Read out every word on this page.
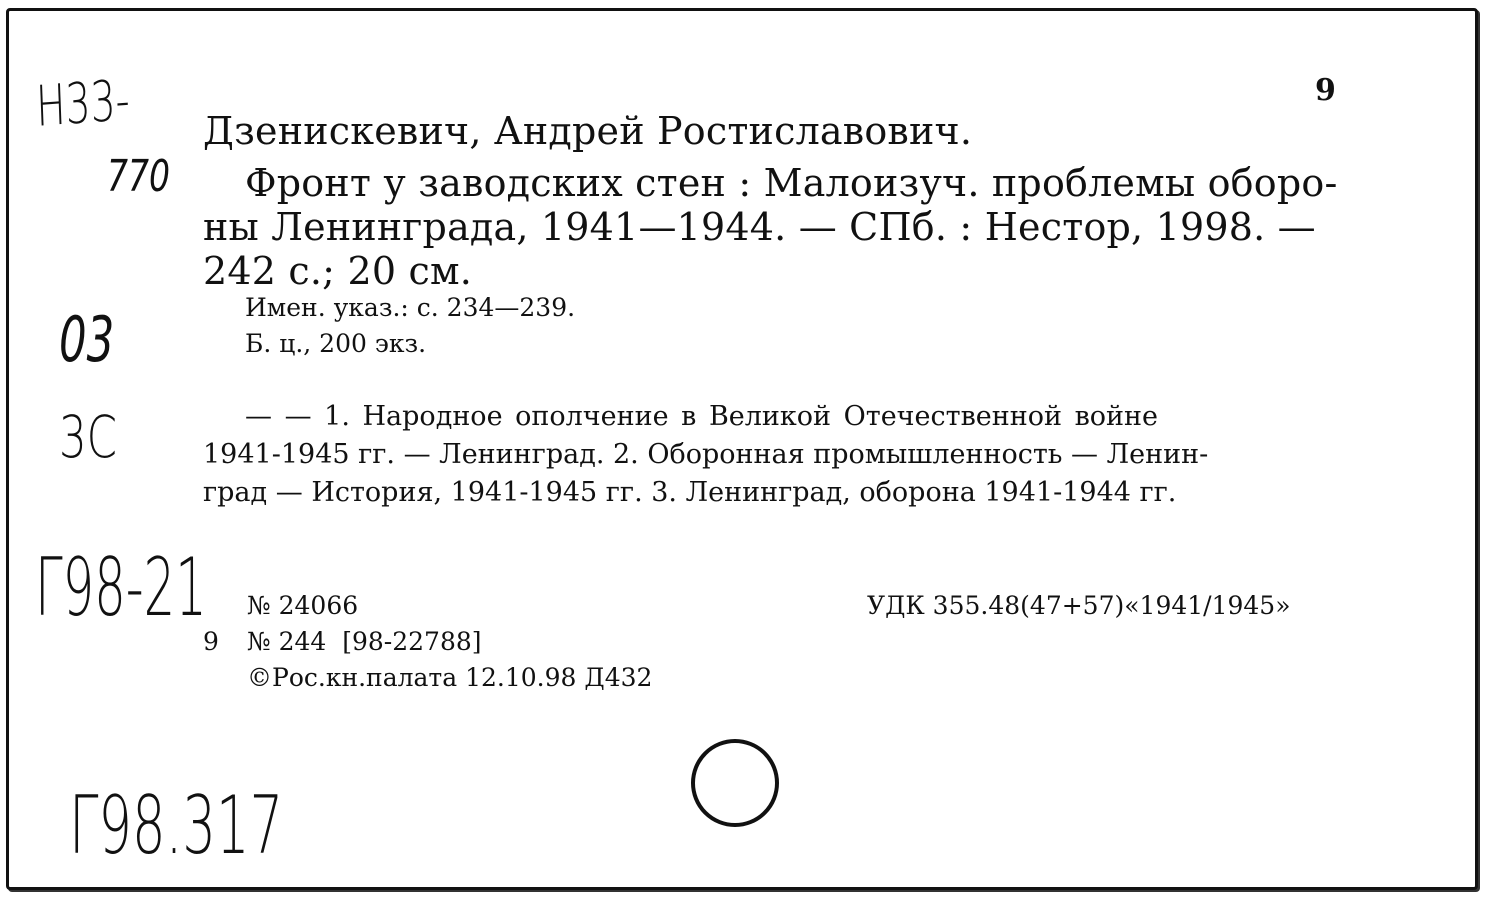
9
Н33-
770
03
3С
Г98-21
Г98.317
Дзенискевич, Андрей Ростиславович.
Фронт у заводских стен : Малоизуч. проблемы оборо-
ны Ленинграда, 1941—1944. — СПб. : Нестор, 1998. —
242 с.; 20 см.
Имен. указ.: с. 234—239.
Б. ц., 200 экз.
— — 1. Народное ополчение в Великой Отечественной войне
1941-1945 гг. — Ленинград. 2. Оборонная промышленность — Ленин-
град — История, 1941-1945 гг. 3. Ленинград, оборона 1941-1944 гг.
№ 24066	УДК 355.48(47+57)«1941/1945»
9 № 244  [98-22788]
©Рос.кн.палата 12.10.98 Д432
